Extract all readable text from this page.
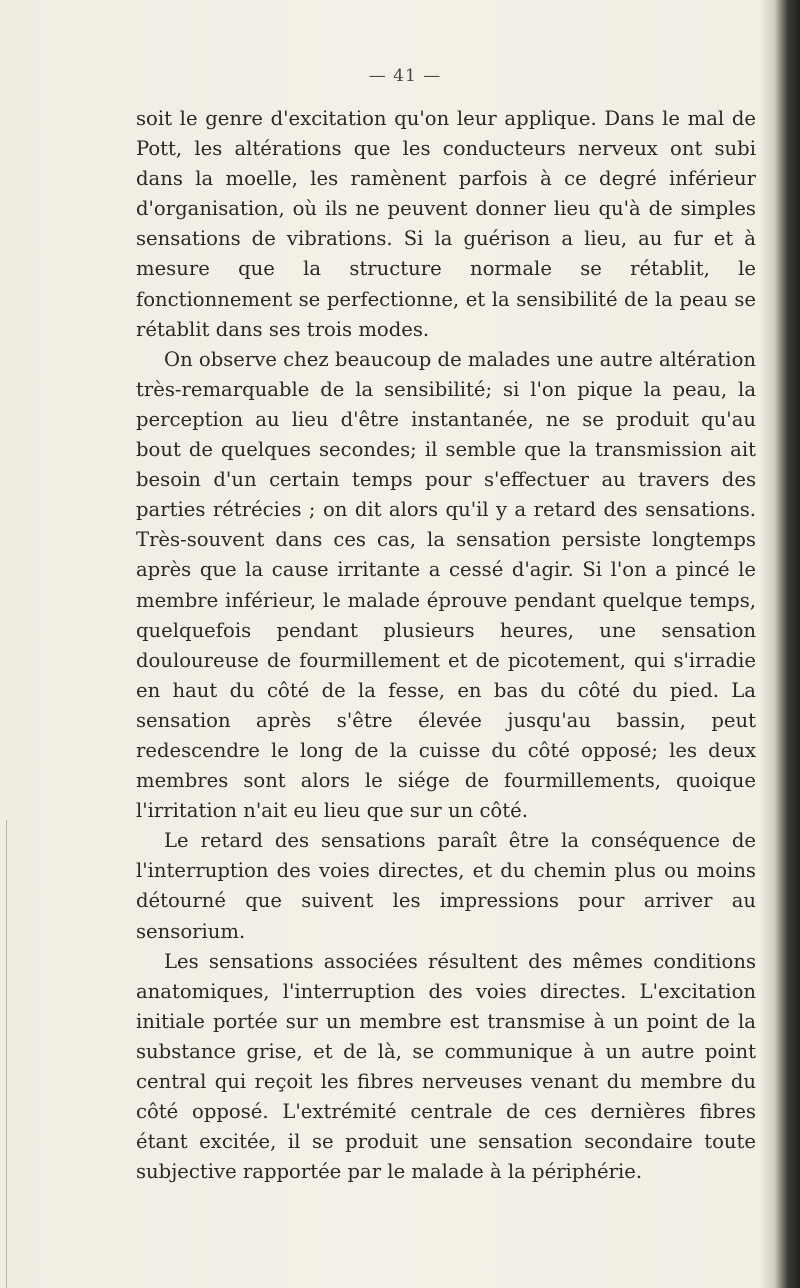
— 41 —

soit le genre d'excitation qu'on leur applique. Dans le mal de Pott, les altérations que les conducteurs nerveux ont subi dans la moelle, les ramènent parfois à ce degré inférieur d'organisation, où ils ne peuvent donner lieu qu'à de simples sensations de vibrations. Si la guérison a lieu, au fur et à mesure que la structure normale se rétablit, le fonctionnement se perfectionne, et la sensibilité de la peau se rétablit dans ses trois modes.

On observe chez beaucoup de malades une autre altération très-remarquable de la sensibilité; si l'on pique la peau, la perception au lieu d'être instantanée, ne se produit qu'au bout de quelques secondes; il semble que la transmission ait besoin d'un certain temps pour s'effectuer au travers des parties rétrécies ; on dit alors qu'il y a retard des sensations. Très-souvent dans ces cas, la sensation persiste longtemps après que la cause irritante a cessé d'agir. Si l'on a pincé le membre inférieur, le malade éprouve pendant quelque temps, quelquefois pendant plusieurs heures, une sensation douloureuse de fourmillement et de picotement, qui s'irradie en haut du côté de la fesse, en bas du côté du pied. La sensation après s'être élevée jusqu'au bassin, peut redescendre le long de la cuisse du côté opposé; les deux membres sont alors le siége de fourmillements, quoique l'irritation n'ait eu lieu que sur un côté.

Le retard des sensations paraît être la conséquence de l'interruption des voies directes, et du chemin plus ou moins détourné que suivent les impressions pour arriver au sensorium.

Les sensations associées résultent des mêmes conditions anatomiques, l'interruption des voies directes. L'excitation initiale portée sur un membre est transmise à un point de la substance grise, et de là, se communique à un autre point central qui reçoit les fibres nerveuses venant du membre du côté opposé. L'extrémité centrale de ces dernières fibres étant excitée, il se produit une sensation secondaire toute subjective rapportée par le malade à la périphérie.
